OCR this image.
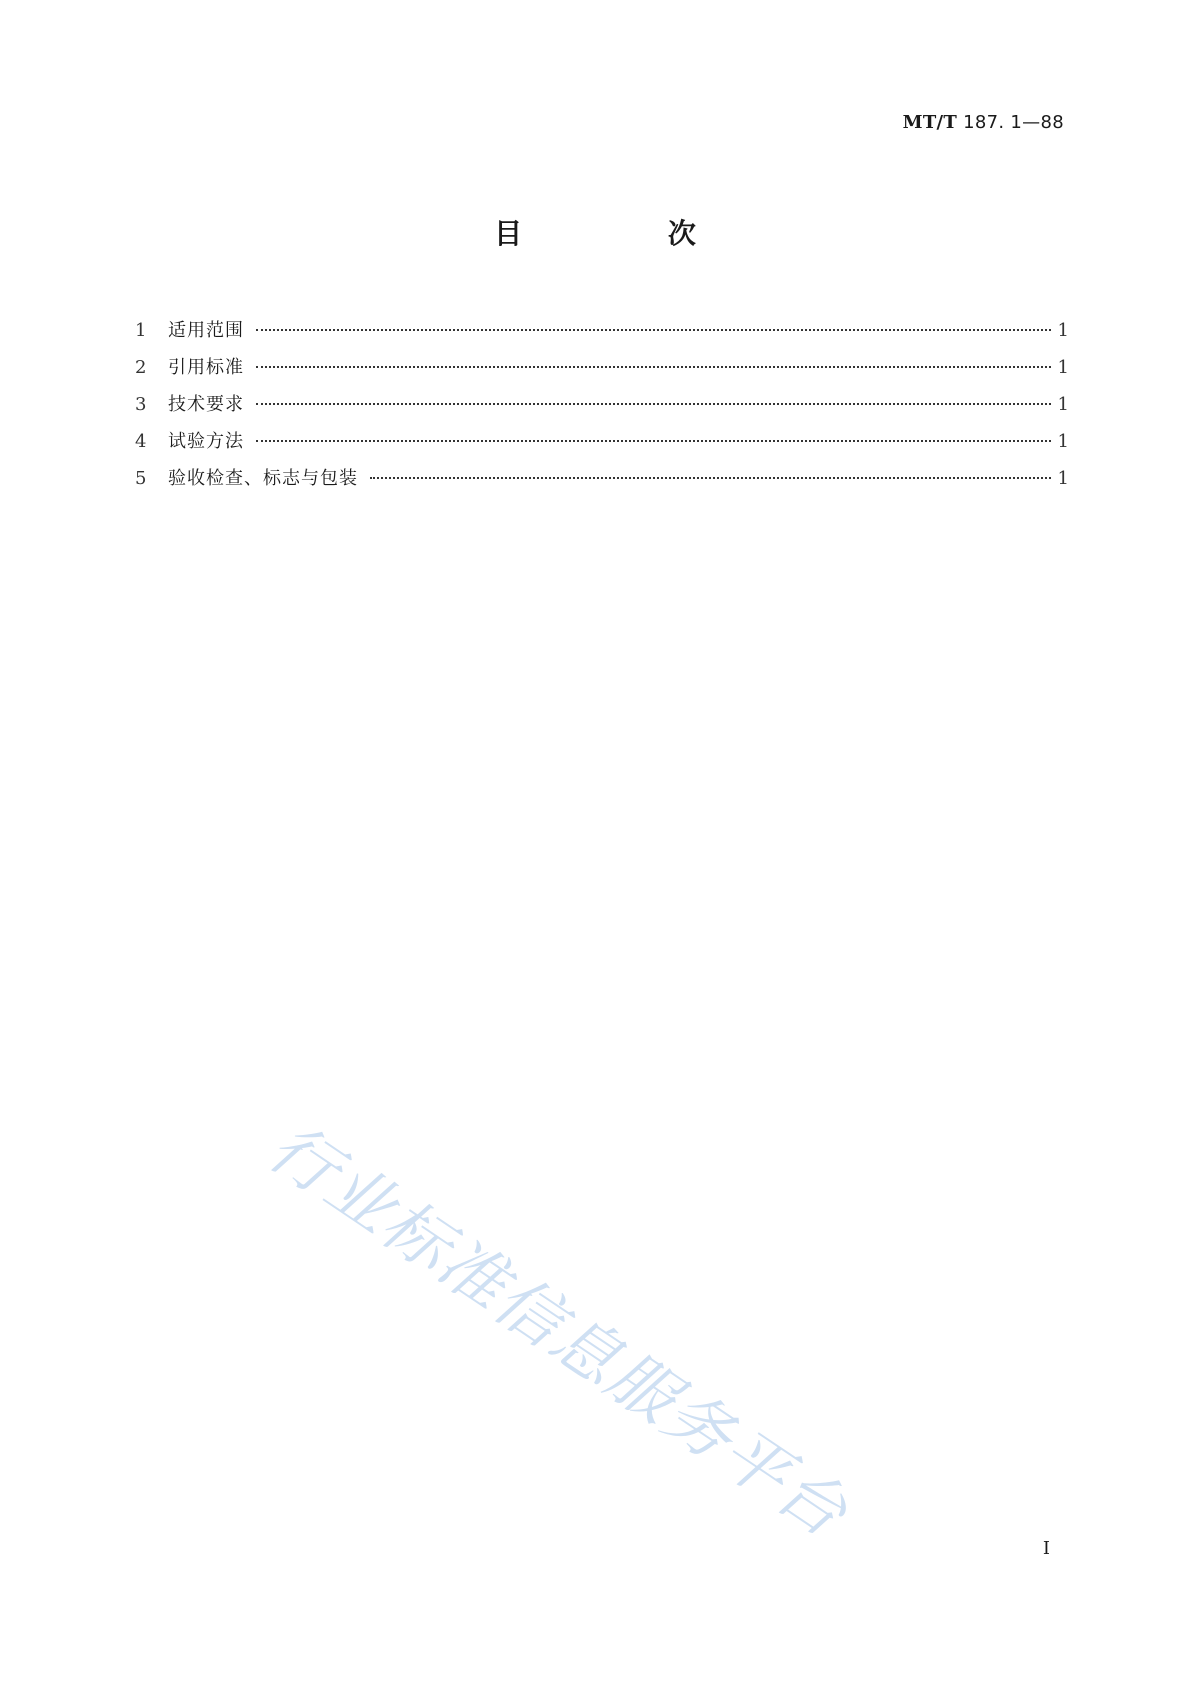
MT/T 187. 1—88
目 次
1	适用范围	1
2	引用标准	1
3	技术要求	1
4	试验方法	1
5	验收检查、标志与包装	1
行业标准信息服务平台	I
